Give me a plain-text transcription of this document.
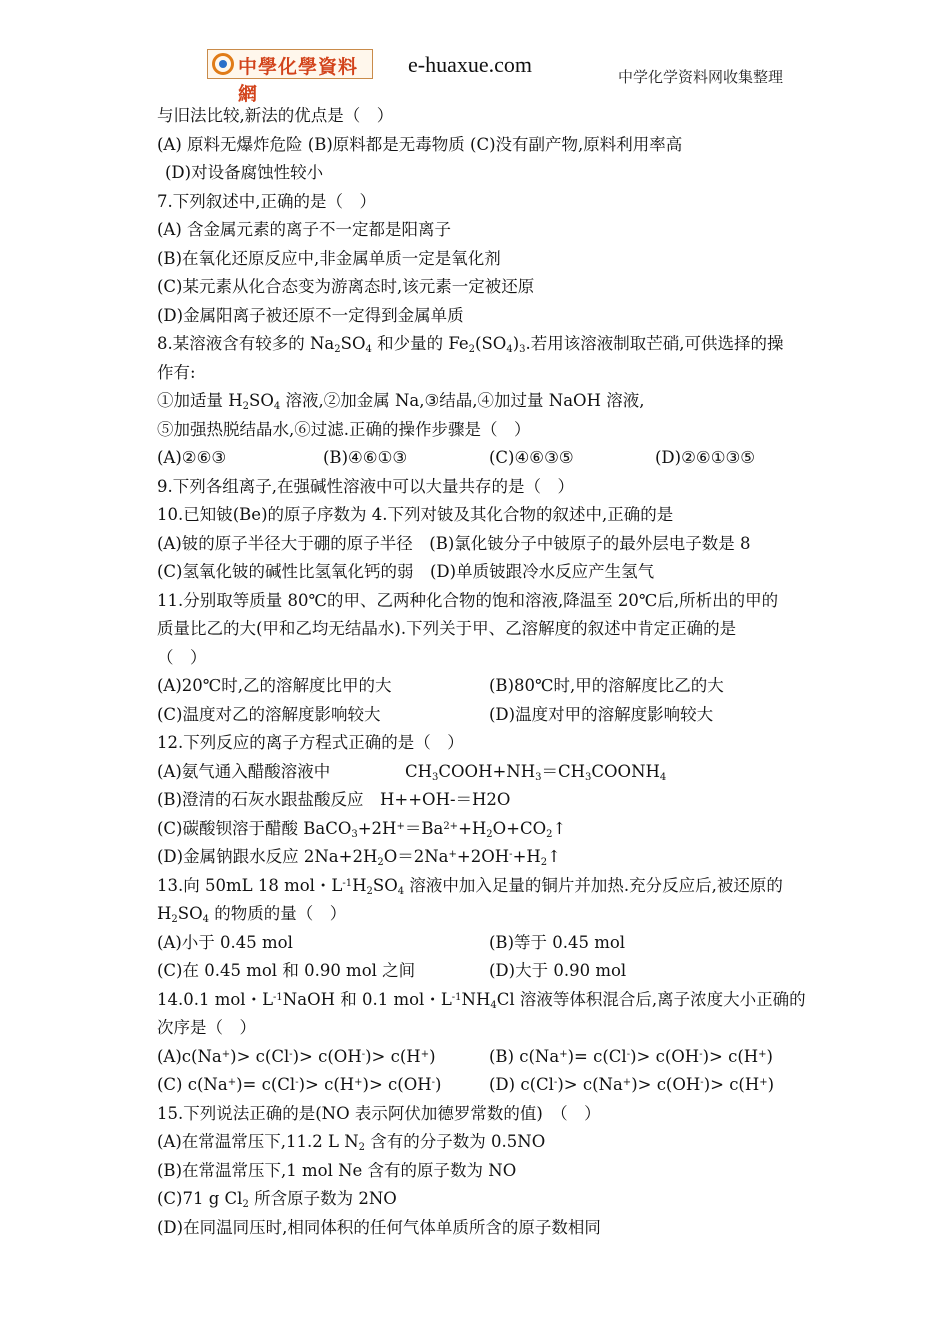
中學化學資料網
e-huaxue.com	中学化学资料网收集整理
与旧法比较,新法的优点是（　）
(A) 原料无爆炸危险 (B)原料都是无毒物质 (C)没有副产物,原料利用率高
(D)对设备腐蚀性较小
7.下列叙述中,正确的是（　）
(A) 含金属元素的离子不一定都是阳离子
(B)在氧化还原反应中,非金属单质一定是氧化剂
(C)某元素从化合态变为游离态时,该元素一定被还原
(D)金属阳离子被还原不一定得到金属单质
8.某溶液含有较多的 $Na_2SO_4$ 和少量的 $Fe_2(SO_4)_3$.若用该溶液制取芒硝,可供选择的操
作有:
①加适量 $H_2SO_4$ 溶液,②加金属 Na,③结晶,④加过量 NaOH 溶液,
⑤加强热脱结晶水,⑥过滤.正确的操作步骤是（　）
(A)②⑥③	(B)④⑥①③	(C)④⑥③⑤	(D)②⑥①③⑤
9.下列各组离子,在强碱性溶液中可以大量共存的是（　）
10.已知铍(Be)的原子序数为 4.下列对铍及其化合物的叙述中,正确的是
(A)铍的原子半径大于硼的原子半径　(B)氯化铍分子中铍原子的最外层电子数是 8
(C)氢氧化铍的碱性比氢氧化钙的弱　(D)单质铍跟冷水反应产生氢气
11.分别取等质量 80℃的甲、乙两种化合物的饱和溶液,降温至 20℃后,所析出的甲的
质量比乙的大(甲和乙均无结晶水).下列关于甲、乙溶解度的叙述中肯定正确的是
（　）
(A)20℃时,乙的溶解度比甲的大	(B)80℃时,甲的溶解度比乙的大
(C)温度对乙的溶解度影响较大	(D)温度对甲的溶解度影响较大
12.下列反应的离子方程式正确的是（　）
(A)氨气通入醋酸溶液中	$CH_3COOH+NH_3=CH_3COONH_4$
(B)澄清的石灰水跟盐酸反应　H++OH-＝H2O
(C)碳酸钡溶于醋酸 $BaCO_3+2H^+=Ba^{2+}+H_2O+CO_2↑$
(D)金属钠跟水反应 $2Na+2H_2O=2Na^++2OH^-+H_2↑$
13.向 50mL 18 mol・$L^{-1}H_2SO_4$ 溶液中加入足量的铜片并加热.充分反应后,被还原的
$H_2SO_4$ 的物质的量（　）
(A)小于 0.45 mol	(B)等于 0.45 mol
(C)在 0.45 mol 和 0.90 mol 之间	(D)大于 0.90 mol
14.0.1 mol・$L^{-1}NaOH$ 和 0.1 mol・$L^{-1}NH_4Cl$ 溶液等体积混合后,离子浓度大小正确的
次序是（　）
(A)c(Na+)> c(Cl-)> c(OH-)> c(H+)	(B) c(Na+)= c(Cl-)> c(OH-)> c(H+)
(C) c(Na+)= c(Cl-)> c(H+)> c(OH-)	(D) c(Cl-)> c(Na+)> c(OH-)> c(H+)
15.下列说法正确的是(NO 表示阿伏加德罗常数的值)　（　）
(A)在常温常压下,11.2 L $N_2$ 含有的分子数为 0.5NO
(B)在常温常压下,1 mol Ne 含有的原子数为 NO
(C)71 g $Cl_2$ 所含原子数为 2NO
(D)在同温同压时,相同体积的任何气体单质所含的原子数相同
